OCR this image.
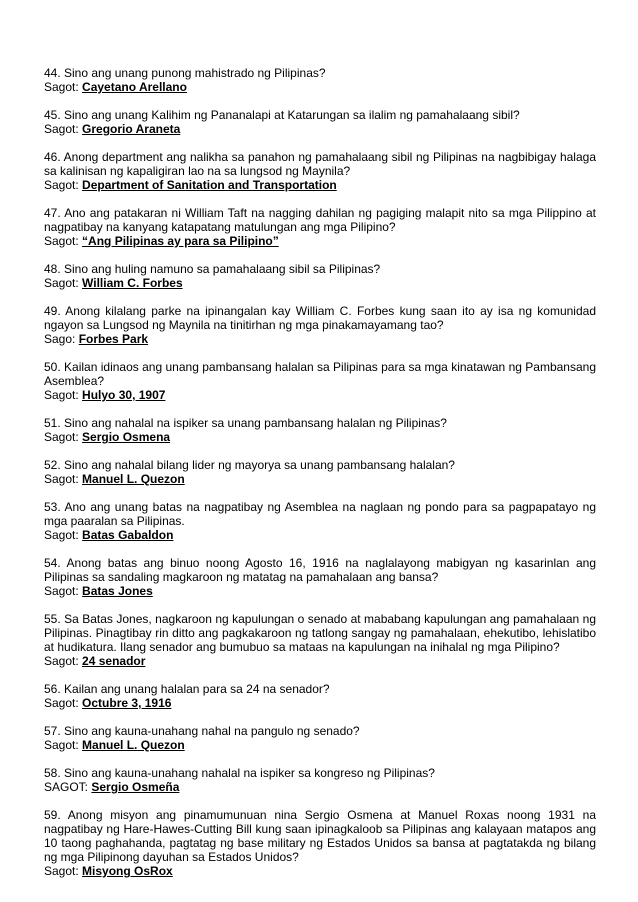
44. Sino ang unang punong mahistrado ng Pilipinas?

Sagot: Cayetano Arellano

45. Sino ang unang Kalihim ng Pananalapi at Katarungan sa ilalim ng pamahalaang sibil?

Sagot: Gregorio Araneta

46. Anong department ang nalikha sa panahon ng pamahalaang sibil ng Pilipinas na nagbibigay halaga sa kalinisan ng kapaligiran lao na sa lungsod ng Maynila?

Sagot: Department of Sanitation and Transportation

47. Ano ang patakaran ni William Taft na nagging dahilan ng pagiging malapit nito sa mga Pilippino at nagpatibay na kanyang katapatang matulungan ang mga Pilipino?

Sagot: “Ang Pilipinas ay para sa Pilipino”

48. Sino ang huling namuno sa pamahalaang sibil sa Pilipinas?

Sagot: William C. Forbes

49. Anong kilalang parke na ipinangalan kay William C. Forbes kung saan ito ay isa ng komunidad ngayon sa Lungsod ng Maynila na tinitirhan ng mga pinakamayamang tao?

Sago: Forbes Park

50. Kailan idinaos ang unang pambansang halalan sa Pilipinas para sa mga kinatawan ng Pambansang Asemblea?

Sagot: Hulyo 30, 1907

51. Sino ang nahalal na ispiker sa unang pambansang halalan ng Pilipinas?

Sagot: Sergio Osmena

52. Sino ang nahalal bilang lider ng mayorya sa unang pambansang halalan?

Sagot: Manuel L. Quezon

53. Ano ang unang batas na nagpatibay ng Asemblea na naglaan ng pondo para sa pagpapatayo ng mga paaralan sa Pilipinas.

Sagot: Batas Gabaldon

54. Anong batas ang binuo noong Agosto 16, 1916 na naglalayong mabigyan ng kasarinlan ang Pilipinas sa sandaling magkaroon ng matatag na pamahalaan ang bansa?

Sagot: Batas Jones

55. Sa Batas Jones, nagkaroon ng kapulungan o senado at mababang kapulungan ang pamahalaan ng Pilipinas. Pinagtibay rin ditto ang pagkakaroon ng tatlong sangay ng pamahalaan, ehekutibo, lehislatibo at hudikatura. Ilang senador ang bumubuo sa mataas na kapulungan na inihalal ng mga Pilipino?

Sagot: 24 senador

56. Kailan ang unang halalan para sa 24 na senador?

Sagot: Octubre 3, 1916

57. Sino ang kauna-unahang nahal na pangulo ng senado?

Sagot: Manuel L. Quezon

58. Sino ang kauna-unahang nahalal na ispiker sa kongreso ng Pilipinas?

SAGOT: Sergio Osmeña

59. Anong misyon ang pinamumunuan nina Sergio Osmena at Manuel Roxas noong 1931 na nagpatibay ng Hare-Hawes-Cutting Bill kung saan ipinagkaloob sa Pilipinas ang kalayaan matapos ang 10 taong paghahanda, pagtatag ng base military ng Estados Unidos sa bansa at pagtatakda ng bilang ng mga Pilipinong dayuhan sa Estados Unidos?

Sagot: Misyong OsRox
